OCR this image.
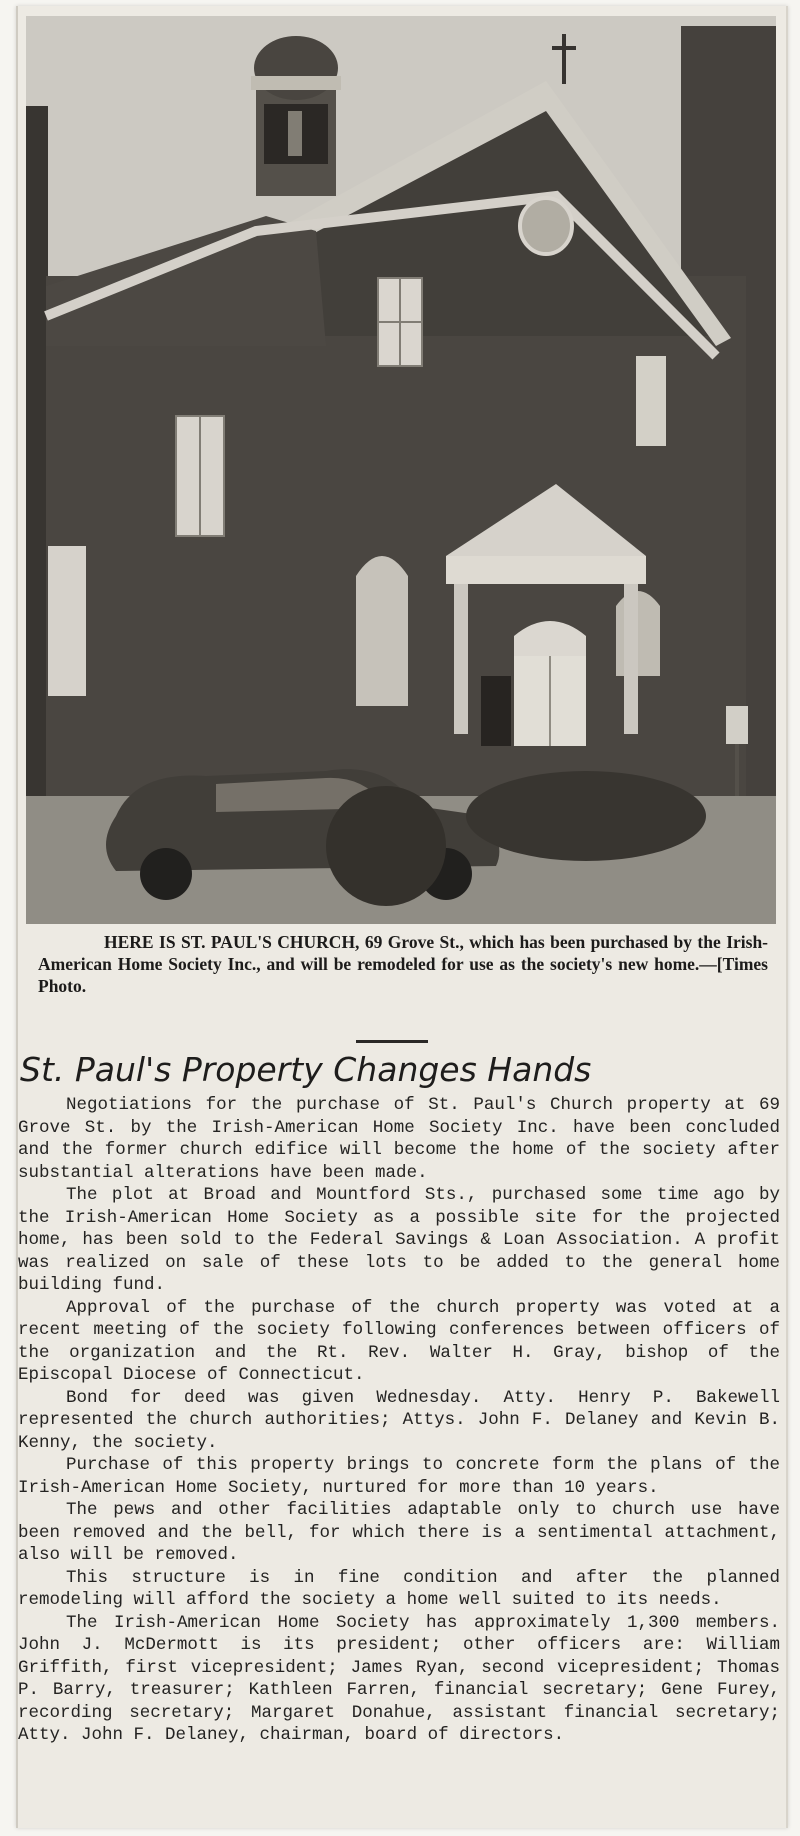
HERE IS ST. PAUL'S CHURCH, 69 Grove St., which has been purchased by the Irish-American Home Society Inc., and will be remodeled for use as the society's new home.—[Times Photo.
St. Paul's Property Changes Hands

Negotiations for the purchase of St. Paul's Church property at 69 Grove St. by the Irish-American Home Society Inc. have been concluded and the former church edifice will become the home of the society after substantial alterations have been made.

The plot at Broad and Mountford Sts., purchased some time ago by the Irish-American Home Society as a possible site for the projected home, has been sold to the Federal Savings & Loan Association. A profit was realized on sale of these lots to be added to the general home building fund.

Approval of the purchase of the church property was voted at a recent meeting of the society following conferences between officers of the organization and the Rt. Rev. Walter H. Gray, bishop of the Episcopal Diocese of Connecticut.

Bond for deed was given Wednesday. Atty. Henry P. Bakewell represented the church authorities; Attys. John F. Delaney and Kevin B. Kenny, the society.

Purchase of this property brings to concrete form the plans of the Irish-American Home Society, nurtured for more than 10 years.

The pews and other facilities adaptable only to church use have been removed and the bell, for which there is a sentimental attachment, also will be removed.

This structure is in fine condition and after the planned remodeling will afford the society a home well suited to its needs.

The Irish-American Home Society has approximately 1,300 members. John J. McDermott is its president; other officers are: William Griffith, first vicepresident; James Ryan, second vicepresident; Thomas P. Barry, treasurer; Kathleen Farren, financial secretary; Gene Furey, recording secretary; Margaret Donahue, assistant financial secretary; Atty. John F. Delaney, chairman, board of directors.
